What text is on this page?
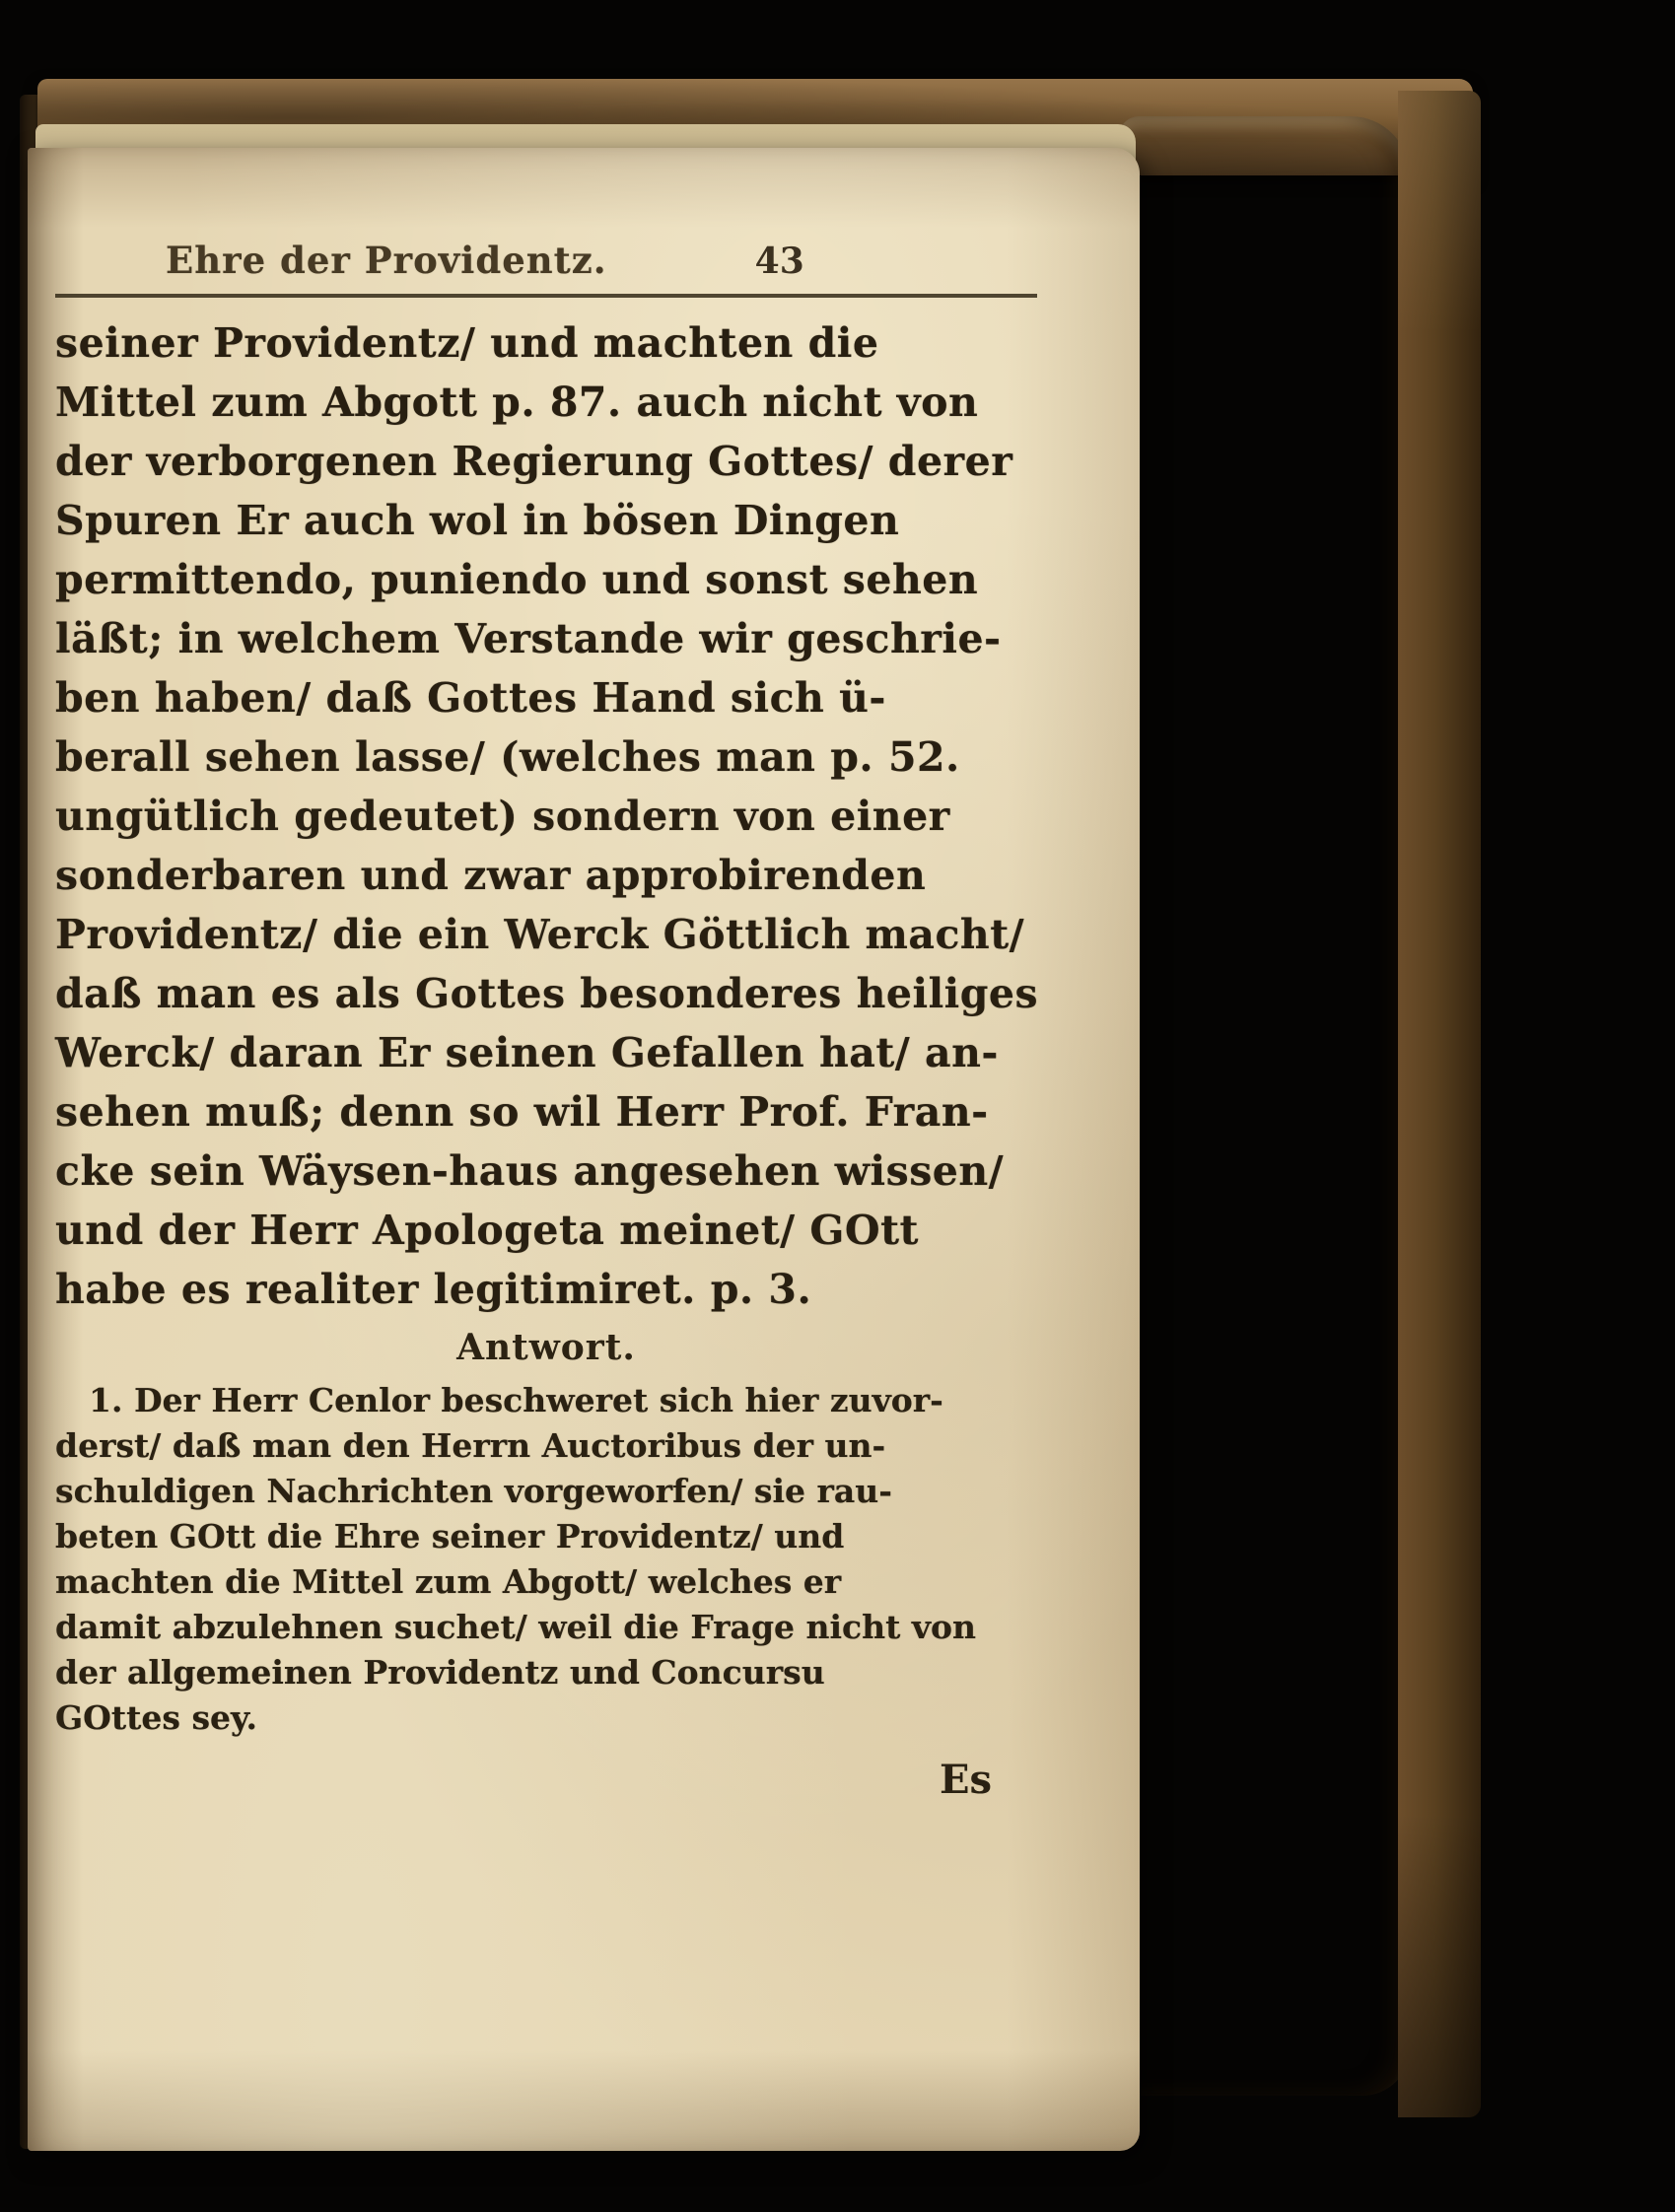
Ehre der Providentz.	43
seiner Providentz/ und machten die
Mittel zum Abgott p. 87. auch nicht von
der verborgenen Regierung Gottes/ derer
Spuren Er auch wol in bösen Dingen
permittendo, puniendo und sonst sehen
läßt; in welchem Verstande wir geschrie-
ben haben/ daß Gottes Hand sich ü-
berall sehen lasse/ (welches man p. 52.
ungütlich gedeutet) sondern von einer
sonderbaren und zwar approbirenden
Providentz/ die ein Werck Göttlich macht/
daß man es als Gottes besonderes heiliges
Werck/ daran Er seinen Gefallen hat/ an-
sehen muß; denn so wil Herr Prof. Fran-
cke sein Wäysen-haus angesehen wissen/
und der Herr Apologeta meinet/ GOtt
habe es realiter legitimiret. p. 3.
Antwort.
1. Der Herr Cenlor beschweret sich hier zuvor-
derst/ daß man den Herrn Auctoribus der un-
schuldigen Nachrichten vorgeworfen/ sie rau-
beten GOtt die Ehre seiner Providentz/ und
machten die Mittel zum Abgott/ welches er
damit abzulehnen suchet/ weil die Frage nicht von
der allgemeinen Providentz und Concursu
GOttes sey.
Es
